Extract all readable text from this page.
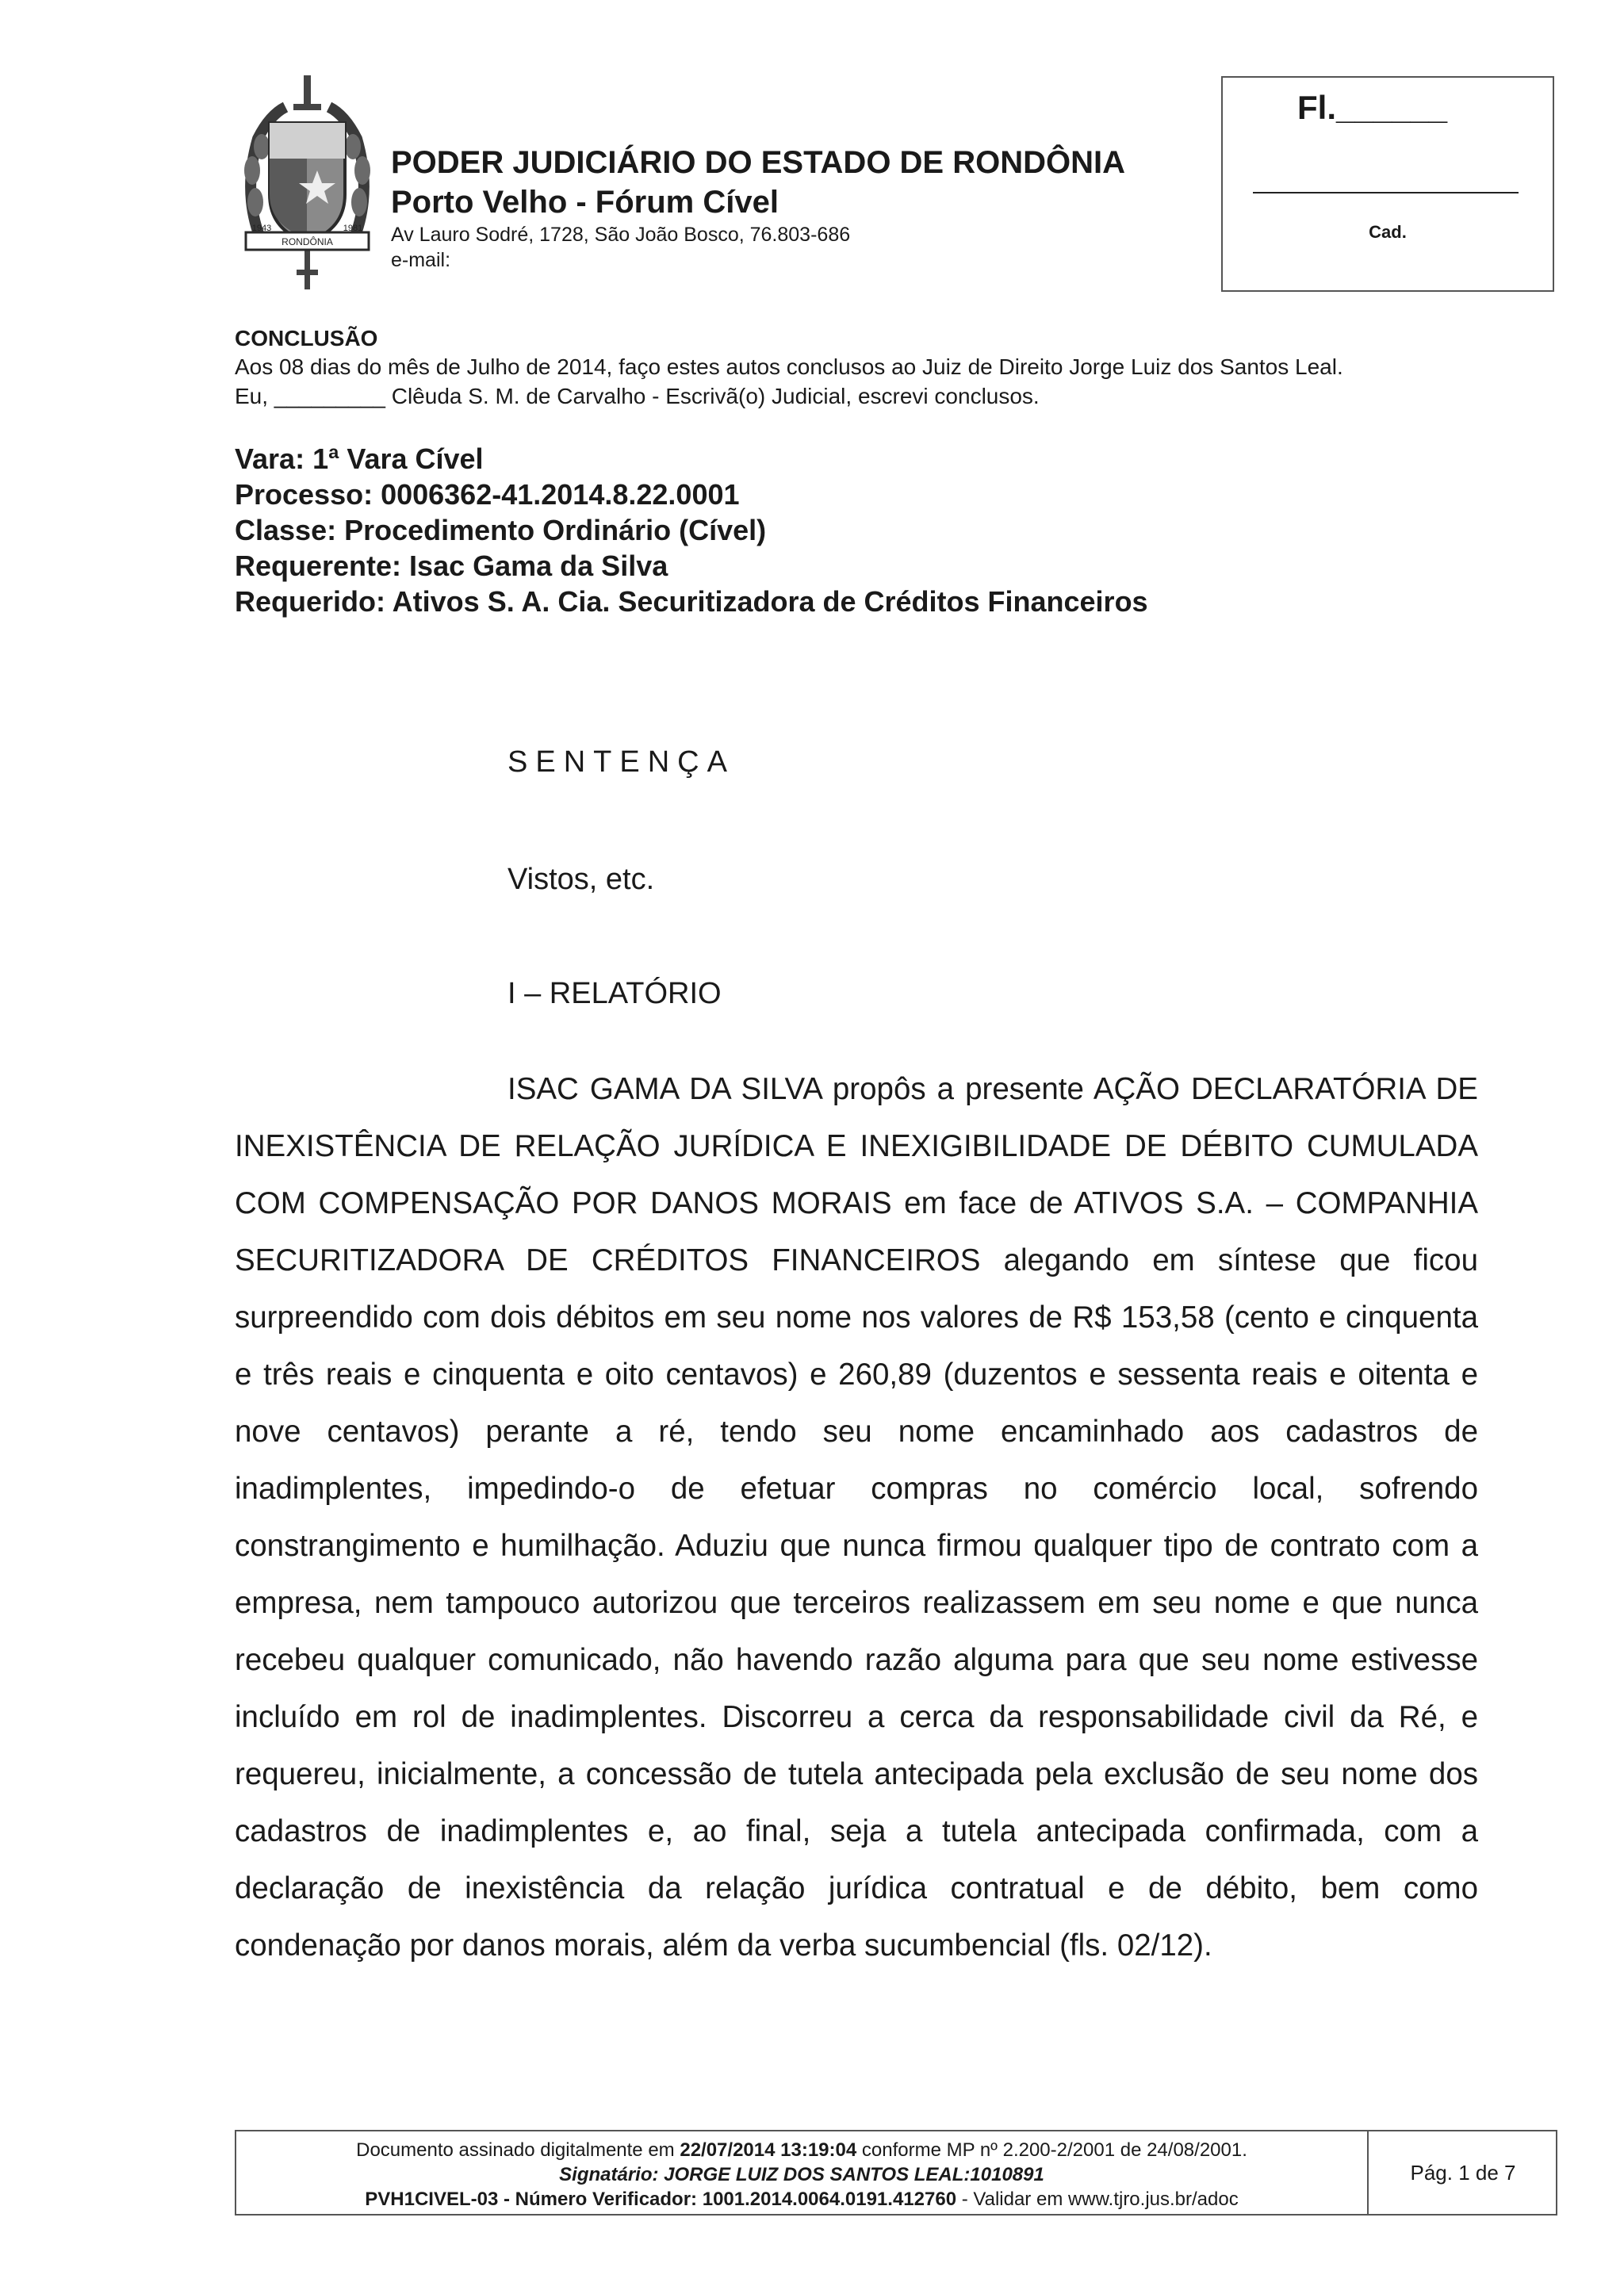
RONDÔNIA
1943	1981
PODER JUDICIÁRIO DO ESTADO DE RONDÔNIA
Porto Velho - Fórum Cível
Av Lauro Sodré, 1728, São João Bosco, 76.803-686
e-mail:
Fl.______
Cad.
CONCLUSÃO
Aos 08 dias do mês de Julho de 2014, faço estes autos conclusos ao Juiz de Direito Jorge Luiz dos Santos Leal.
Eu, _________ Clêuda S. M. de Carvalho - Escrivã(o) Judicial, escrevi conclusos.
Vara: 1ª Vara Cível
Processo: 0006362-41.2014.8.22.0001
Classe: Procedimento Ordinário (Cível)
Requerente: Isac Gama da Silva
Requerido: Ativos S. A. Cia. Securitizadora de Créditos Financeiros
SENTENÇA
Vistos, etc.
I – RELATÓRIO

ISAC GAMA DA SILVA propôs a presente AÇÃO DECLARATÓRIA DE INEXISTÊNCIA DE RELAÇÃO JURÍDICA E INEXIGIBILIDADE DE DÉBITO CUMULADA COM COMPENSAÇÃO POR DANOS MORAIS em face de ATIVOS S.A. – COMPANHIA SECURITIZADORA DE CRÉDITOS FINANCEIROS alegando em síntese que ficou surpreendido com dois débitos em seu nome nos valores de R$ 153,58 (cento e cinquenta e três reais e cinquenta e oito centavos) e 260,89 (duzentos e sessenta reais e oitenta e nove centavos) perante a ré, tendo seu nome encaminhado aos cadastros de inadimplentes, impedindo-o de efetuar compras no comércio local, sofrendo constrangimento e humilhação. Aduziu que nunca firmou qualquer tipo de contrato com a empresa, nem tampouco autorizou que terceiros realizassem em seu nome e que nunca recebeu qualquer comunicado, não havendo razão alguma para que seu nome estivesse incluído em rol de inadimplentes. Discorreu a cerca da responsabilidade civil da Ré, e requereu, inicialmente, a concessão de tutela antecipada pela exclusão de seu nome dos cadastros de inadimplentes e, ao final, seja a tutela antecipada confirmada, com a declaração de inexistência da relação jurídica contratual e de débito, bem como condenação por danos morais, além da verba sucumbencial (fls. 02/12).

Documento assinado digitalmente em 22/07/2014 13:19:04 conforme MP nº 2.200-2/2001 de 24/08/2001.
Signatário: JORGE LUIZ DOS SANTOS LEAL:1010891
PVH1CIVEL-03 - Número Verificador: 1001.2014.0064.0191.412760 - Validar em www.tjro.jus.br/adoc
Pág. 1 de 7
